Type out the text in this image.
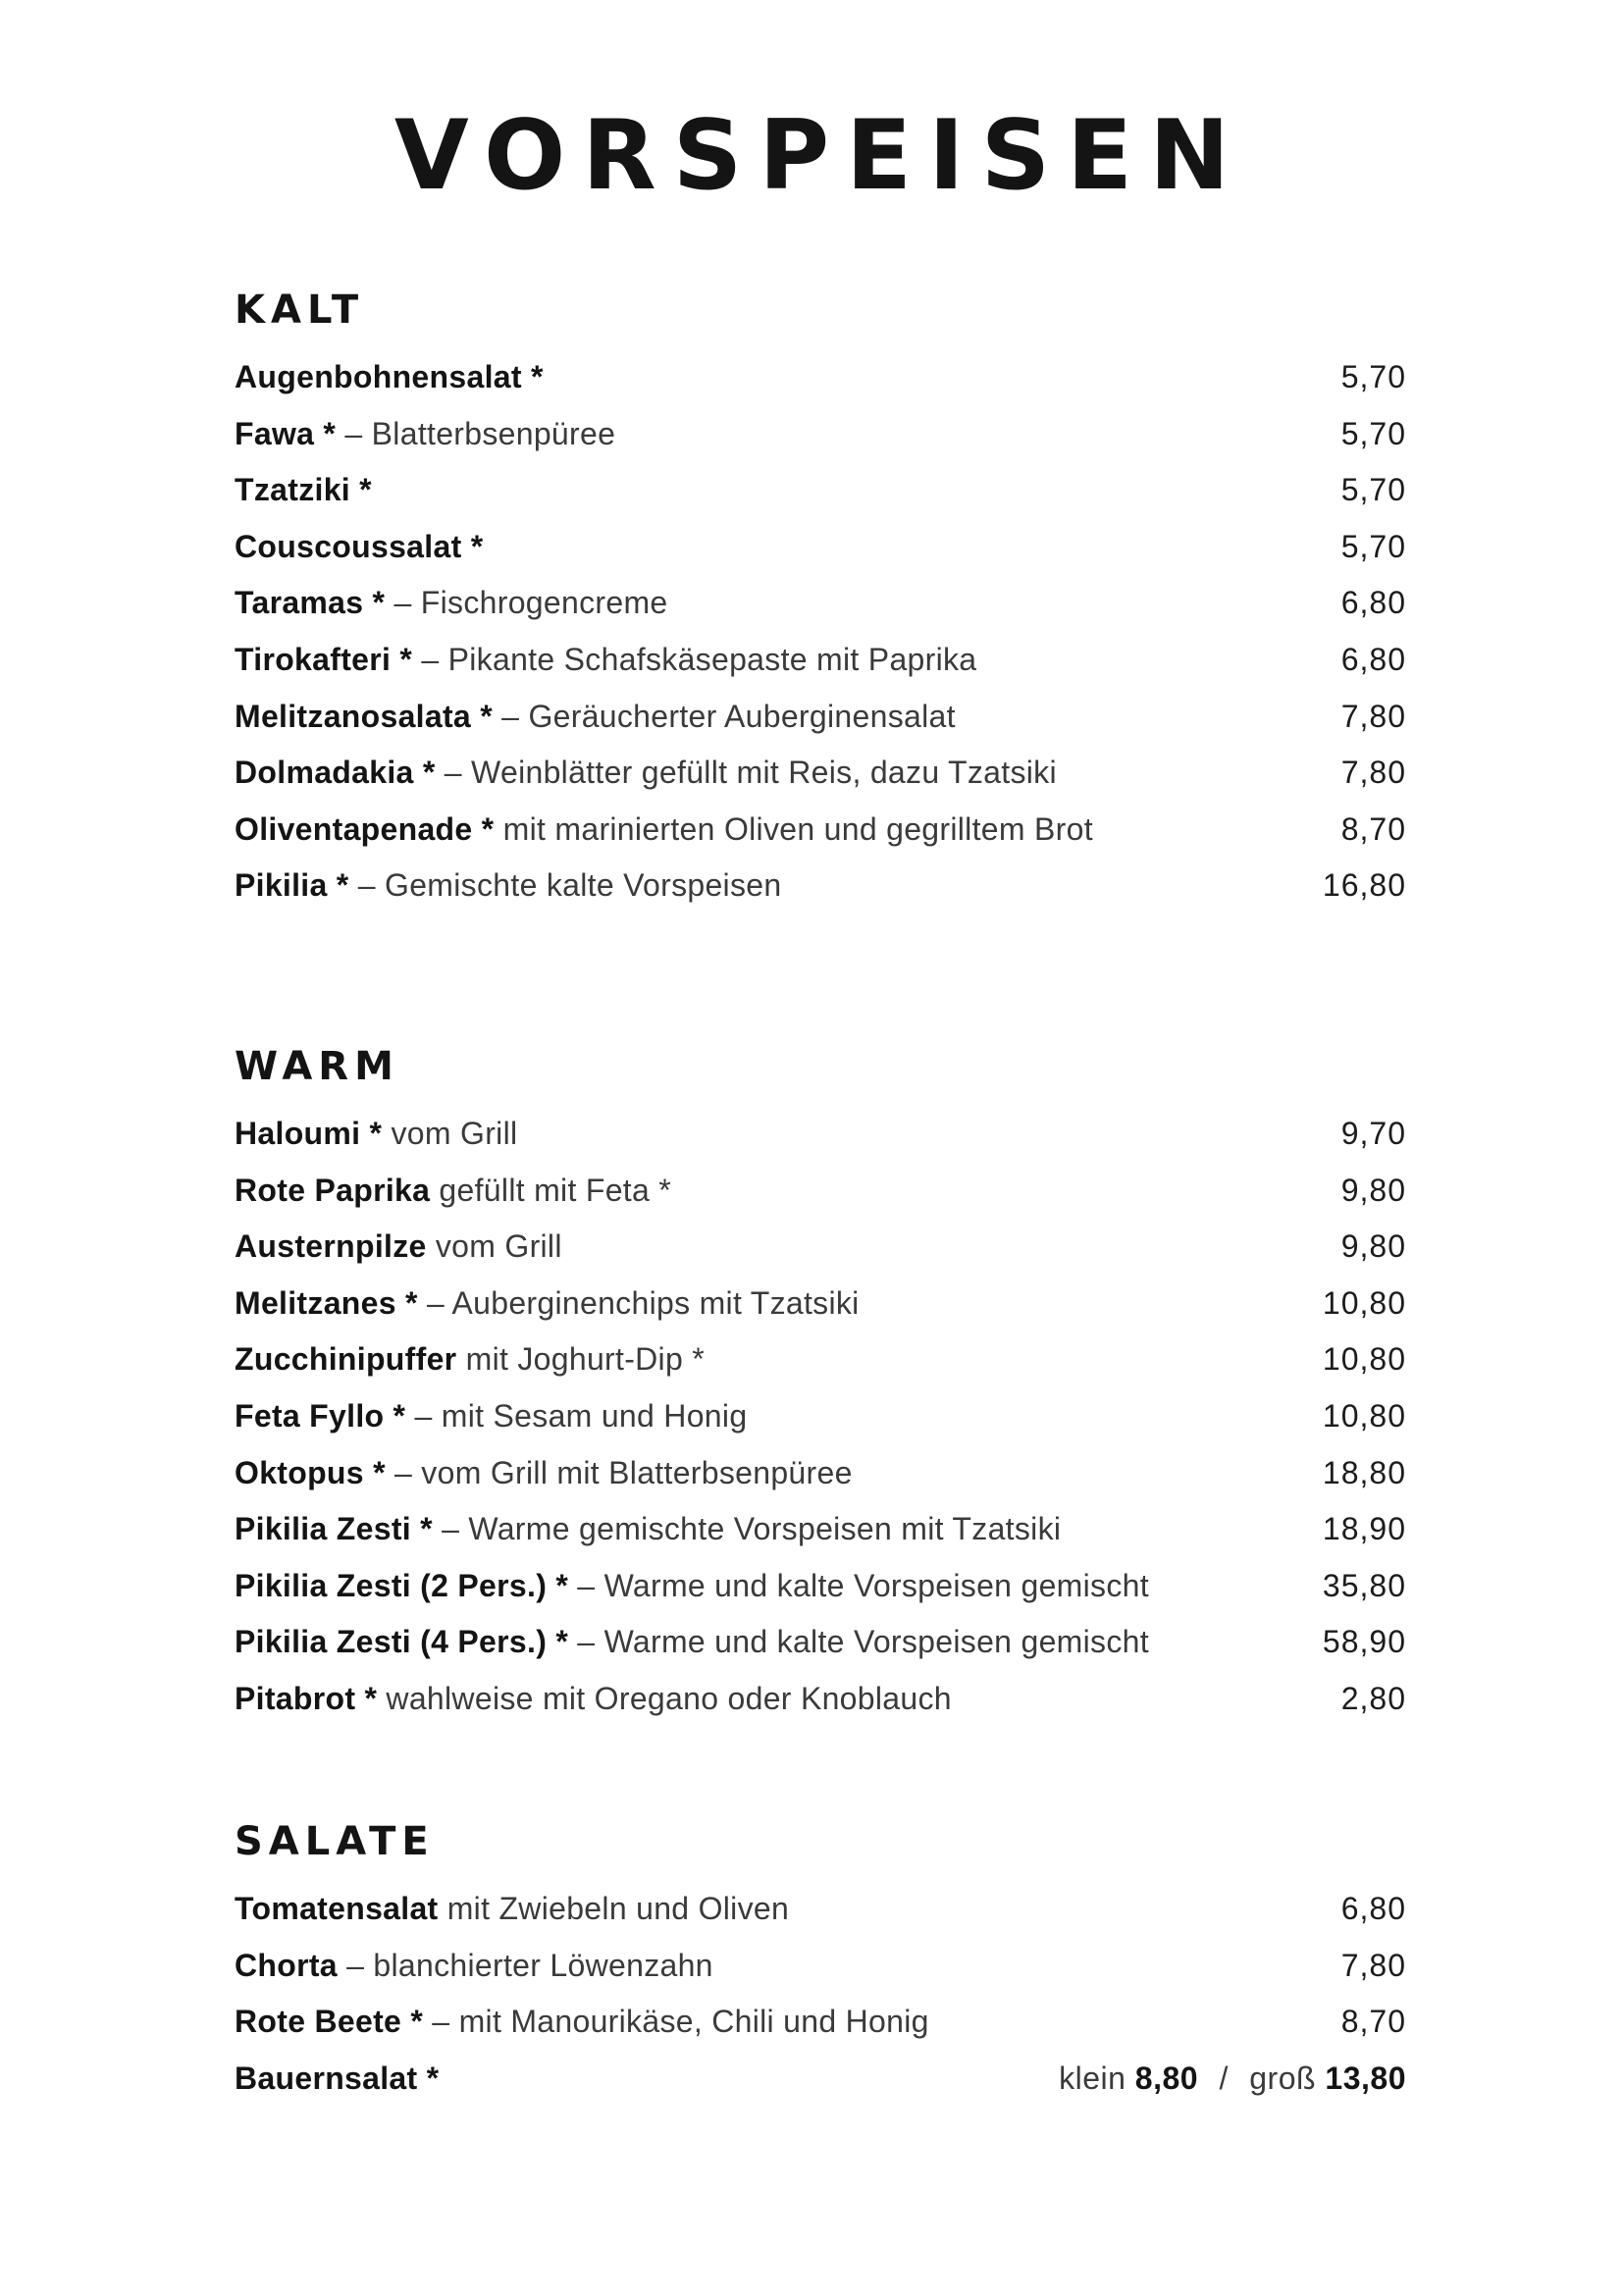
VORSPEISEN
KALT
Augenbohnensalat *	5,70
Fawa * – Blatterbsenpüree	5,70
Tzatziki *	5,70
Couscoussalat *	5,70
Taramas * – Fischrogencreme	6,80
Tirokafteri * – Pikante Schafskäsepaste mit Paprika	6,80
Melitzanosalata * – Geräucherter Auberginensalat	7,80
Dolmadakia * – Weinblätter gefüllt mit Reis, dazu Tzatsiki	7,80
Oliventapenade * mit marinierten Oliven und gegrilltem Brot	8,70
Pikilia * – Gemischte kalte Vorspeisen	16,80
WARM
Haloumi * vom Grill	9,70
Rote Paprika gefüllt mit Feta *	9,80
Austernpilze vom Grill	9,80
Melitzanes * – Auberginenchips mit Tzatsiki	10,80
Zucchinipuffer mit Joghurt-Dip *	10,80
Feta Fyllo * – mit Sesam und Honig	10,80
Oktopus * – vom Grill mit Blatterbsenpüree	18,80
Pikilia Zesti * – Warme gemischte Vorspeisen mit Tzatsiki	18,90
Pikilia Zesti (2 Pers.) * – Warme und kalte Vorspeisen gemischt	35,80
Pikilia Zesti (4 Pers.) * – Warme und kalte Vorspeisen gemischt	58,90
Pitabrot * wahlweise mit Oregano oder Knoblauch	2,80
SALATE
Tomatensalat mit Zwiebeln und Oliven	6,80
Chorta – blanchierter Löwenzahn	7,80
Rote Beete * – mit Manourikäse, Chili und Honig	8,70
Bauernsalat *	klein 8,80 / groß 13,80
